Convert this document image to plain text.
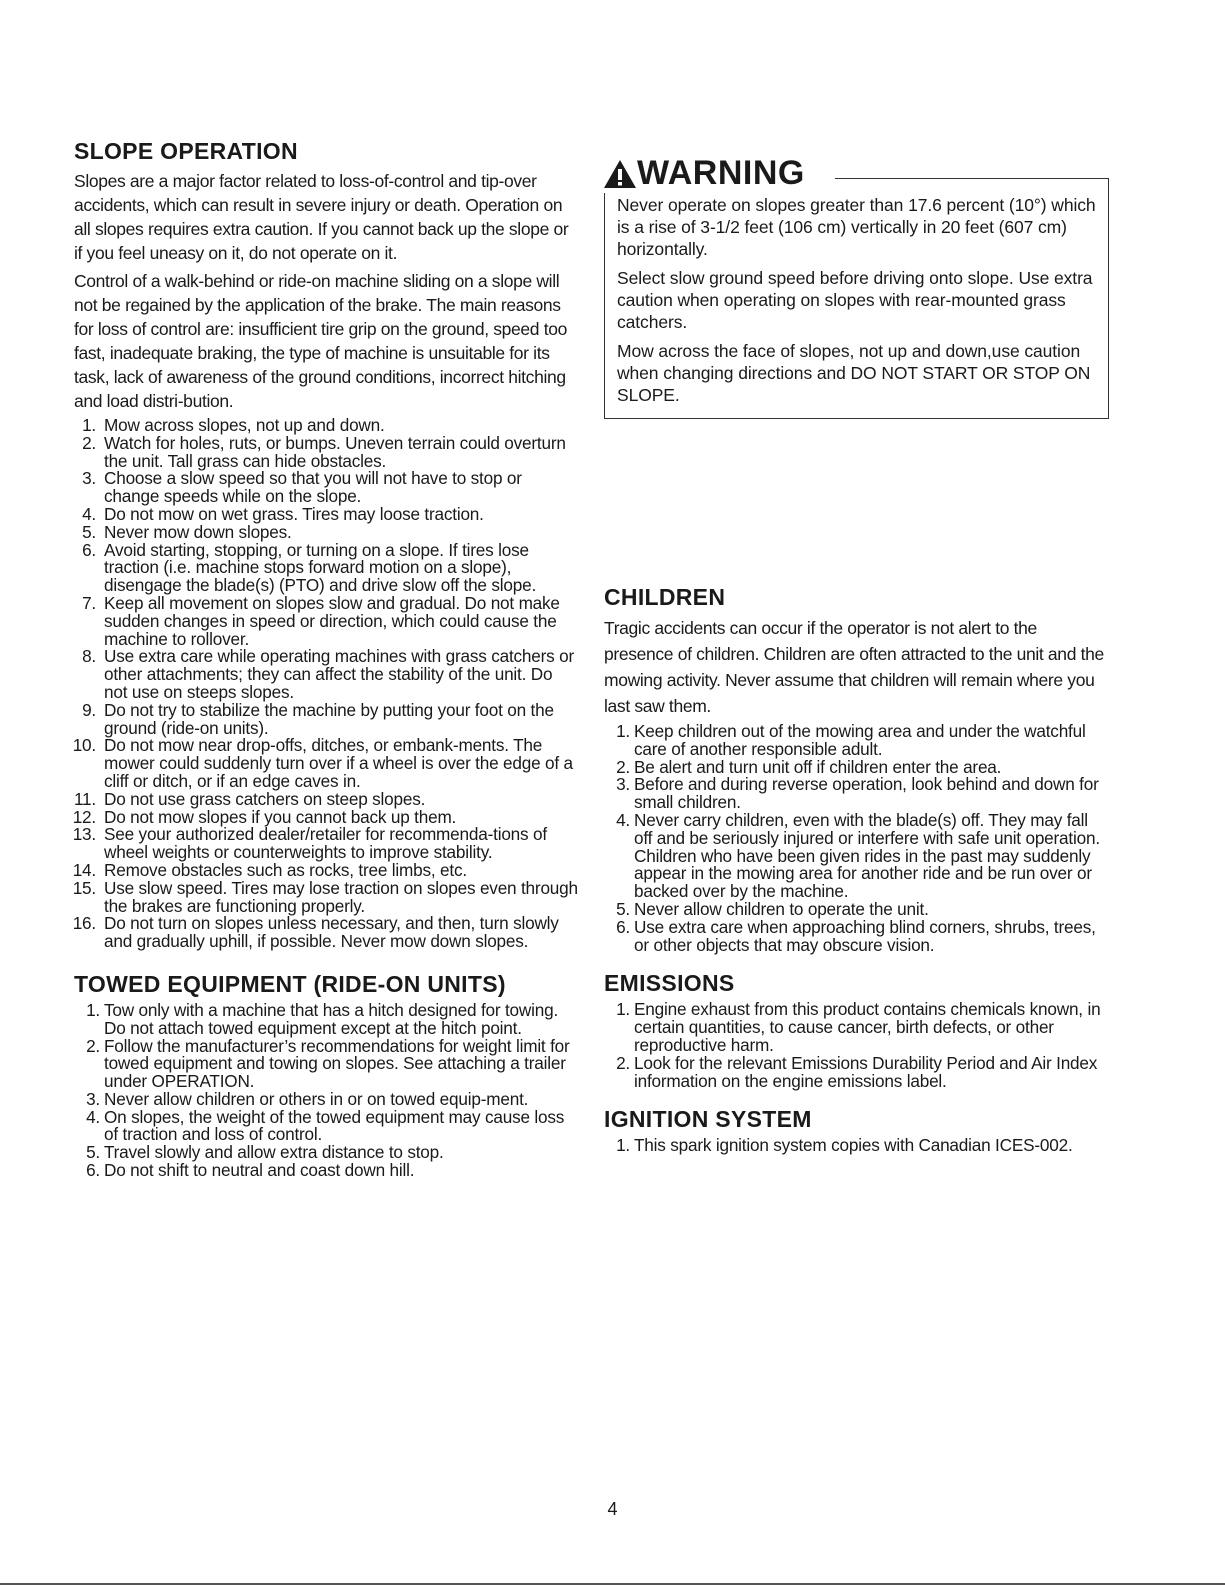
SLOPE OPERATION

Slopes are a major factor related to loss-of-control and tip-over accidents, which can result in severe injury or death. Operation on all slopes requires extra caution. If you cannot back up the slope or if you feel uneasy on it, do not operate on it.

Control of a walk-behind or ride-on machine sliding on a slope will not be regained by the application of the brake. The main reasons for loss of control are: insufficient tire grip on the ground, speed too fast, inadequate braking, the type of machine is unsuitable for its task, lack of awareness of the ground conditions, incorrect hitching and load distri-bution.

1 . Mow across slopes, not up and down.
2 . Watch for holes, ruts, or bumps. Uneven terrain could overturn the unit. Tall grass can hide obstacles.
3 . Choose a slow speed so that you will not have to stop or change speeds while on the slope.
4 . Do not mow on wet grass. Tires may loose traction.
5 . Never mow down slopes.
6 . Avoid starting, stopping, or turning on a slope. If tires lose traction (i.e. machine stops forward motion on a slope), disengage the blade(s) (PTO) and drive slow off the slope.
7 . Keep all movement on slopes slow and gradual. Do not make sudden changes in speed or direction, which could cause the machine to rollover.
8 . Use extra care while operating machines with grass catchers or other attachments; they can affect the stability of the unit. Do not use on steeps slopes.
9 . Do not try to stabilize the machine by putting your foot on the ground (ride-on units).
10 . Do not mow near drop-offs, ditches, or embank-ments. The mower could suddenly turn over if a wheel is over the edge of a cliff or ditch, or if an edge caves in.
11 . Do not use grass catchers on steep slopes.
12 . Do not mow slopes if you cannot back up them.
13 . See your authorized dealer/retailer for recommenda-tions of wheel weights or counterweights to improve stability.
14 . Remove obstacles such as rocks, tree limbs, etc.
15 . Use slow speed. Tires may lose traction on slopes even through the brakes are functioning properly.
16 . Do not turn on slopes unless necessary, and then, turn slowly and gradually uphill, if possible. Never mow down slopes.
TOWED EQUIPMENT (RIDE-ON UNITS)
1 . Tow only with a machine that has a hitch designed for towing. Do not attach towed equipment except at the hitch point.
2 . Follow the manufacturer’s recommendations for weight limit for towed equipment and towing on slopes. See attaching a trailer under OPERATION.
3 . Never allow children or others in or on towed equip-ment.
4 . On slopes, the weight of the towed equipment may cause loss of traction and loss of control.
5 . Travel slowly and allow extra distance to stop.
6 . Do not shift to neutral and coast down hill.
WARNING

Never operate on slopes greater than 17.6 percent (10°) which is a rise of 3-1/2 feet (106 cm) vertically in 20 feet (607 cm) horizontally.

Select slow ground speed before driving onto slope. Use extra caution when operating on slopes with rear-mounted grass catchers.

Mow across the face of slopes, not up and down,use caution when changing directions and DO NOT START OR STOP ON SLOPE.

CHILDREN

Tragic accidents can occur if the operator is not alert to the presence of children. Children are often attracted to the unit and the mowing activity. Never assume that children will remain where you last saw them.

1 . Keep children out of the mowing area and under the watchful care of another responsible adult.
2 . Be alert and turn unit off if children enter the area.
3 . Before and during reverse operation, look behind and down for small children.
4 . Never carry children, even with the blade(s) off. They may fall off and be seriously injured or interfere with safe unit operation. Children who have been given rides in the past may suddenly appear in the mowing area for another ride and be run over or backed over by the machine.
5 . Never allow children to operate the unit.
6 . Use extra care when approaching blind corners, shrubs, trees, or other objects that may obscure vision.
EMISSIONS
1 . Engine exhaust from this product contains chemicals known, in certain quantities, to cause cancer, birth defects, or other reproductive harm.
2 . Look for the relevant Emissions Durability Period and Air Index information on the engine emissions label.
IGNITION SYSTEM
1 . This spark ignition system copies with Canadian ICES-002.
4
